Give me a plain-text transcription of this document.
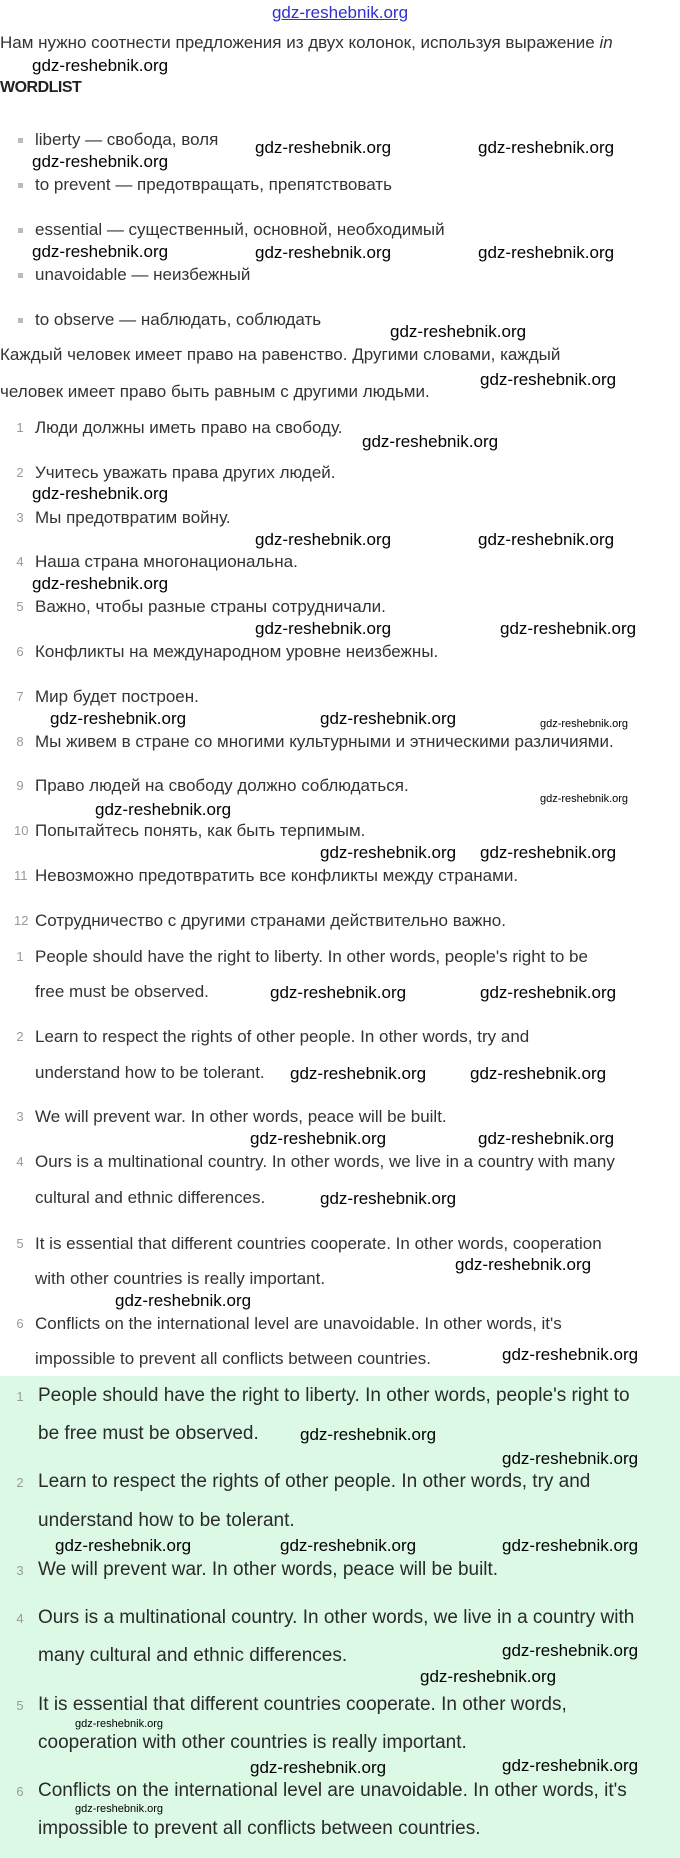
gdz-reshebnik.org
Нам нужно соотнести предложения из двух колонок, используя выражение in
WORDLIST
Каждый человек имеет право на равенство. Другими словами, каждый
человек имеет право быть равным с другими людьми.
liberty — свобода, воля
to prevent — предотвращать, препятствовать
essential — существенный, основной, необходимый
unavoidable — неизбежный
to observe — наблюдать, соблюдать
1 Люди должны иметь право на свободу.
2 Учитесь уважать права других людей.
3 Мы предотвратим войну.
4 Наша страна многонациональна.
5 Важно, чтобы разные страны сотрудничали.
6 Конфликты на международном уровне неизбежны.
7 Мир будет построен.
8 Мы живем в стране со многими культурными и этническими различиями.
9 Право людей на свободу должно соблюдаться.
10 Попытайтесь понять, как быть терпимым.
11 Невозможно предотвратить все конфликты между странами.
12 Сотрудничество с другими странами действительно важно.
1 People should have the right to liberty. In other words, people's right to be
free must be observed.
2 Learn to respect the rights of other people. In other words, try and
understand how to be tolerant.
3 We will prevent war. In other words, peace will be built.
4 Ours is a multinational country. In other words, we live in a country with many
cultural and ethnic differences.
5 It is essential that different countries cooperate. In other words, cooperation
with other countries is really important.
6 Conflicts on the international level are unavoidable. In other words, it's
impossible to prevent all conflicts between countries.
1 People should have the right to liberty. In other words, people's right to
be free must be observed.
2 Learn to respect the rights of other people. In other words, try and
understand how to be tolerant.
3 We will prevent war. In other words, peace will be built.
4 Ours is a multinational country. In other words, we live in a country with
many cultural and ethnic differences.
5 It is essential that different countries cooperate. In other words,
cooperation with other countries is really important.
6 Conflicts on the international level are unavoidable. In other words, it's
impossible to prevent all conflicts between countries.
gdz-reshebnik.org
gdz-reshebnik.org	gdz-reshebnik.org
gdz-reshebnik.org
gdz-reshebnik.org	gdz-reshebnik.org
gdz-reshebnik.org
gdz-reshebnik.org
gdz-reshebnik.org
gdz-reshebnik.org
gdz-reshebnik.org
gdz-reshebnik.org	gdz-reshebnik.org
gdz-reshebnik.org
gdz-reshebnik.org	gdz-reshebnik.org
gdz-reshebnik.org	gdz-reshebnik.org
gdz-reshebnik.org
gdz-reshebnik.org gdz-reshebnik.org
gdz-reshebnik.org	gdz-reshebnik.org
gdz-reshebnik.org	gdz-reshebnik.org
gdz-reshebnik.org	gdz-reshebnik.org
gdz-reshebnik.org
gdz-reshebnik.org
gdz-reshebnik.org
gdz-reshebnik.org
gdz-reshebnik.org
gdz-reshebnik.org
gdz-reshebnik.org	gdz-reshebnik.org	gdz-reshebnik.org
gdz-reshebnik.org
gdz-reshebnik.org
gdz-reshebnik.org
gdz-reshebnik.org
gdz-reshebnik.org
gdz-reshebnik.org
gdz-reshebnik.org
gdz-reshebnik.org
